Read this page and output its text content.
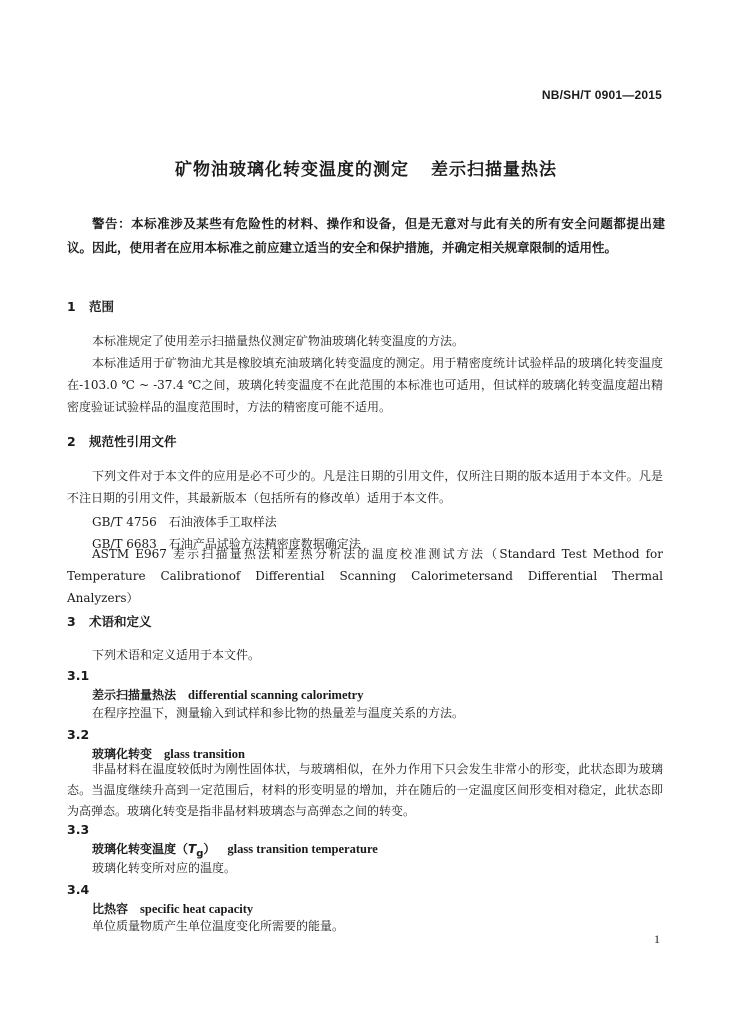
NB/SH/T 0901—2015
矿物油玻璃化转变温度的测定 差示扫描量热法
警告：本标准涉及某些有危险性的材料、操作和设备，但是无意对与此有关的所有安全问题都提出建议。因此，使用者在应用本标准之前应建立适当的安全和保护措施，并确定相关规章限制的适用性。
1 范围
本标准规定了使用差示扫描量热仪测定矿物油玻璃化转变温度的方法。
本标准适用于矿物油尤其是橡胶填充油玻璃化转变温度的测定。用于精密度统计试验样品的玻璃化转变温度在-103.0 ℃ ~ -37.4 ℃之间，玻璃化转变温度不在此范围的本标准也可适用，但试样的玻璃化转变温度超出精密度验证试验样品的温度范围时，方法的精密度可能不适用。
2 规范性引用文件
下列文件对于本文件的应用是必不可少的。凡是注日期的引用文件，仅所注日期的版本适用于本文件。凡是不注日期的引用文件，其最新版本（包括所有的修改单）适用于本文件。
GB/T 4756　石油液体手工取样法
GB/T 6683　石油产品试验方法精密度数据确定法
ASTM E967 差示扫描量热法和差热分析法的温度校准测试方法（Standard Test Method for Temperature Calibrationof Differential Scanning Calorimetersand Differential Thermal Analyzers）
3 术语和定义
下列术语和定义适用于本文件。
3.1
差示扫描量热法 differential scanning calorimetry
在程序控温下，测量输入到试样和参比物的热量差与温度关系的方法。
3.2
玻璃化转变 glass transition
非晶材料在温度较低时为刚性固体状，与玻璃相似，在外力作用下只会发生非常小的形变，此状态即为玻璃态。当温度继续升高到一定范围后，材料的形变明显的增加，并在随后的一定温度区间形变相对稳定，此状态即为高弹态。玻璃化转变是指非晶材料玻璃态与高弹态之间的转变。
3.3
玻璃化转变温度$(T_g)$ glass transition temperature
玻璃化转变所对应的温度。
3.4
比热容 specific heat capacity
单位质量物质产生单位温度变化所需要的能量。
1
